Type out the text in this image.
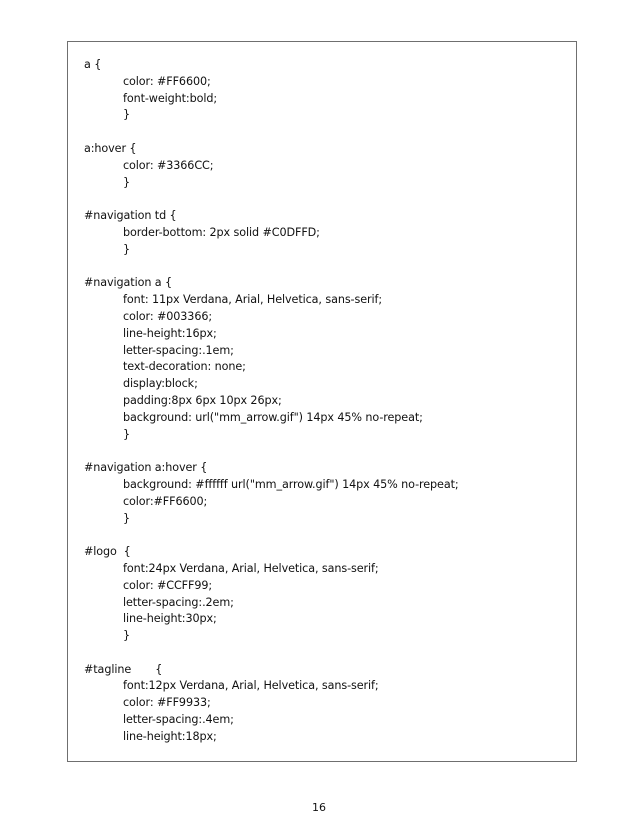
a {
color: #FF6600;
font-weight:bold;
}
a:hover {
color: #3366CC;
}
#navigation td {
border-bottom: 2px solid #C0DFFD;
}
#navigation a {
font: 11px Verdana, Arial, Helvetica, sans-serif;
color: #003366;
line-height:16px;
letter-spacing:.1em;
text-decoration: none;
display:block;
padding:8px 6px 10px 26px;
background: url("mm_arrow.gif") 14px 45% no-repeat;
}
#navigation a:hover {
background: #ffffff url("mm_arrow.gif") 14px 45% no-repeat;
color:#FF6600;
}
#logo  {
font:24px Verdana, Arial, Helvetica, sans-serif;
color: #CCFF99;
letter-spacing:.2em;
line-height:30px;
}
#tagline       {
font:12px Verdana, Arial, Helvetica, sans-serif;
color: #FF9933;
letter-spacing:.4em;
line-height:18px;
16
